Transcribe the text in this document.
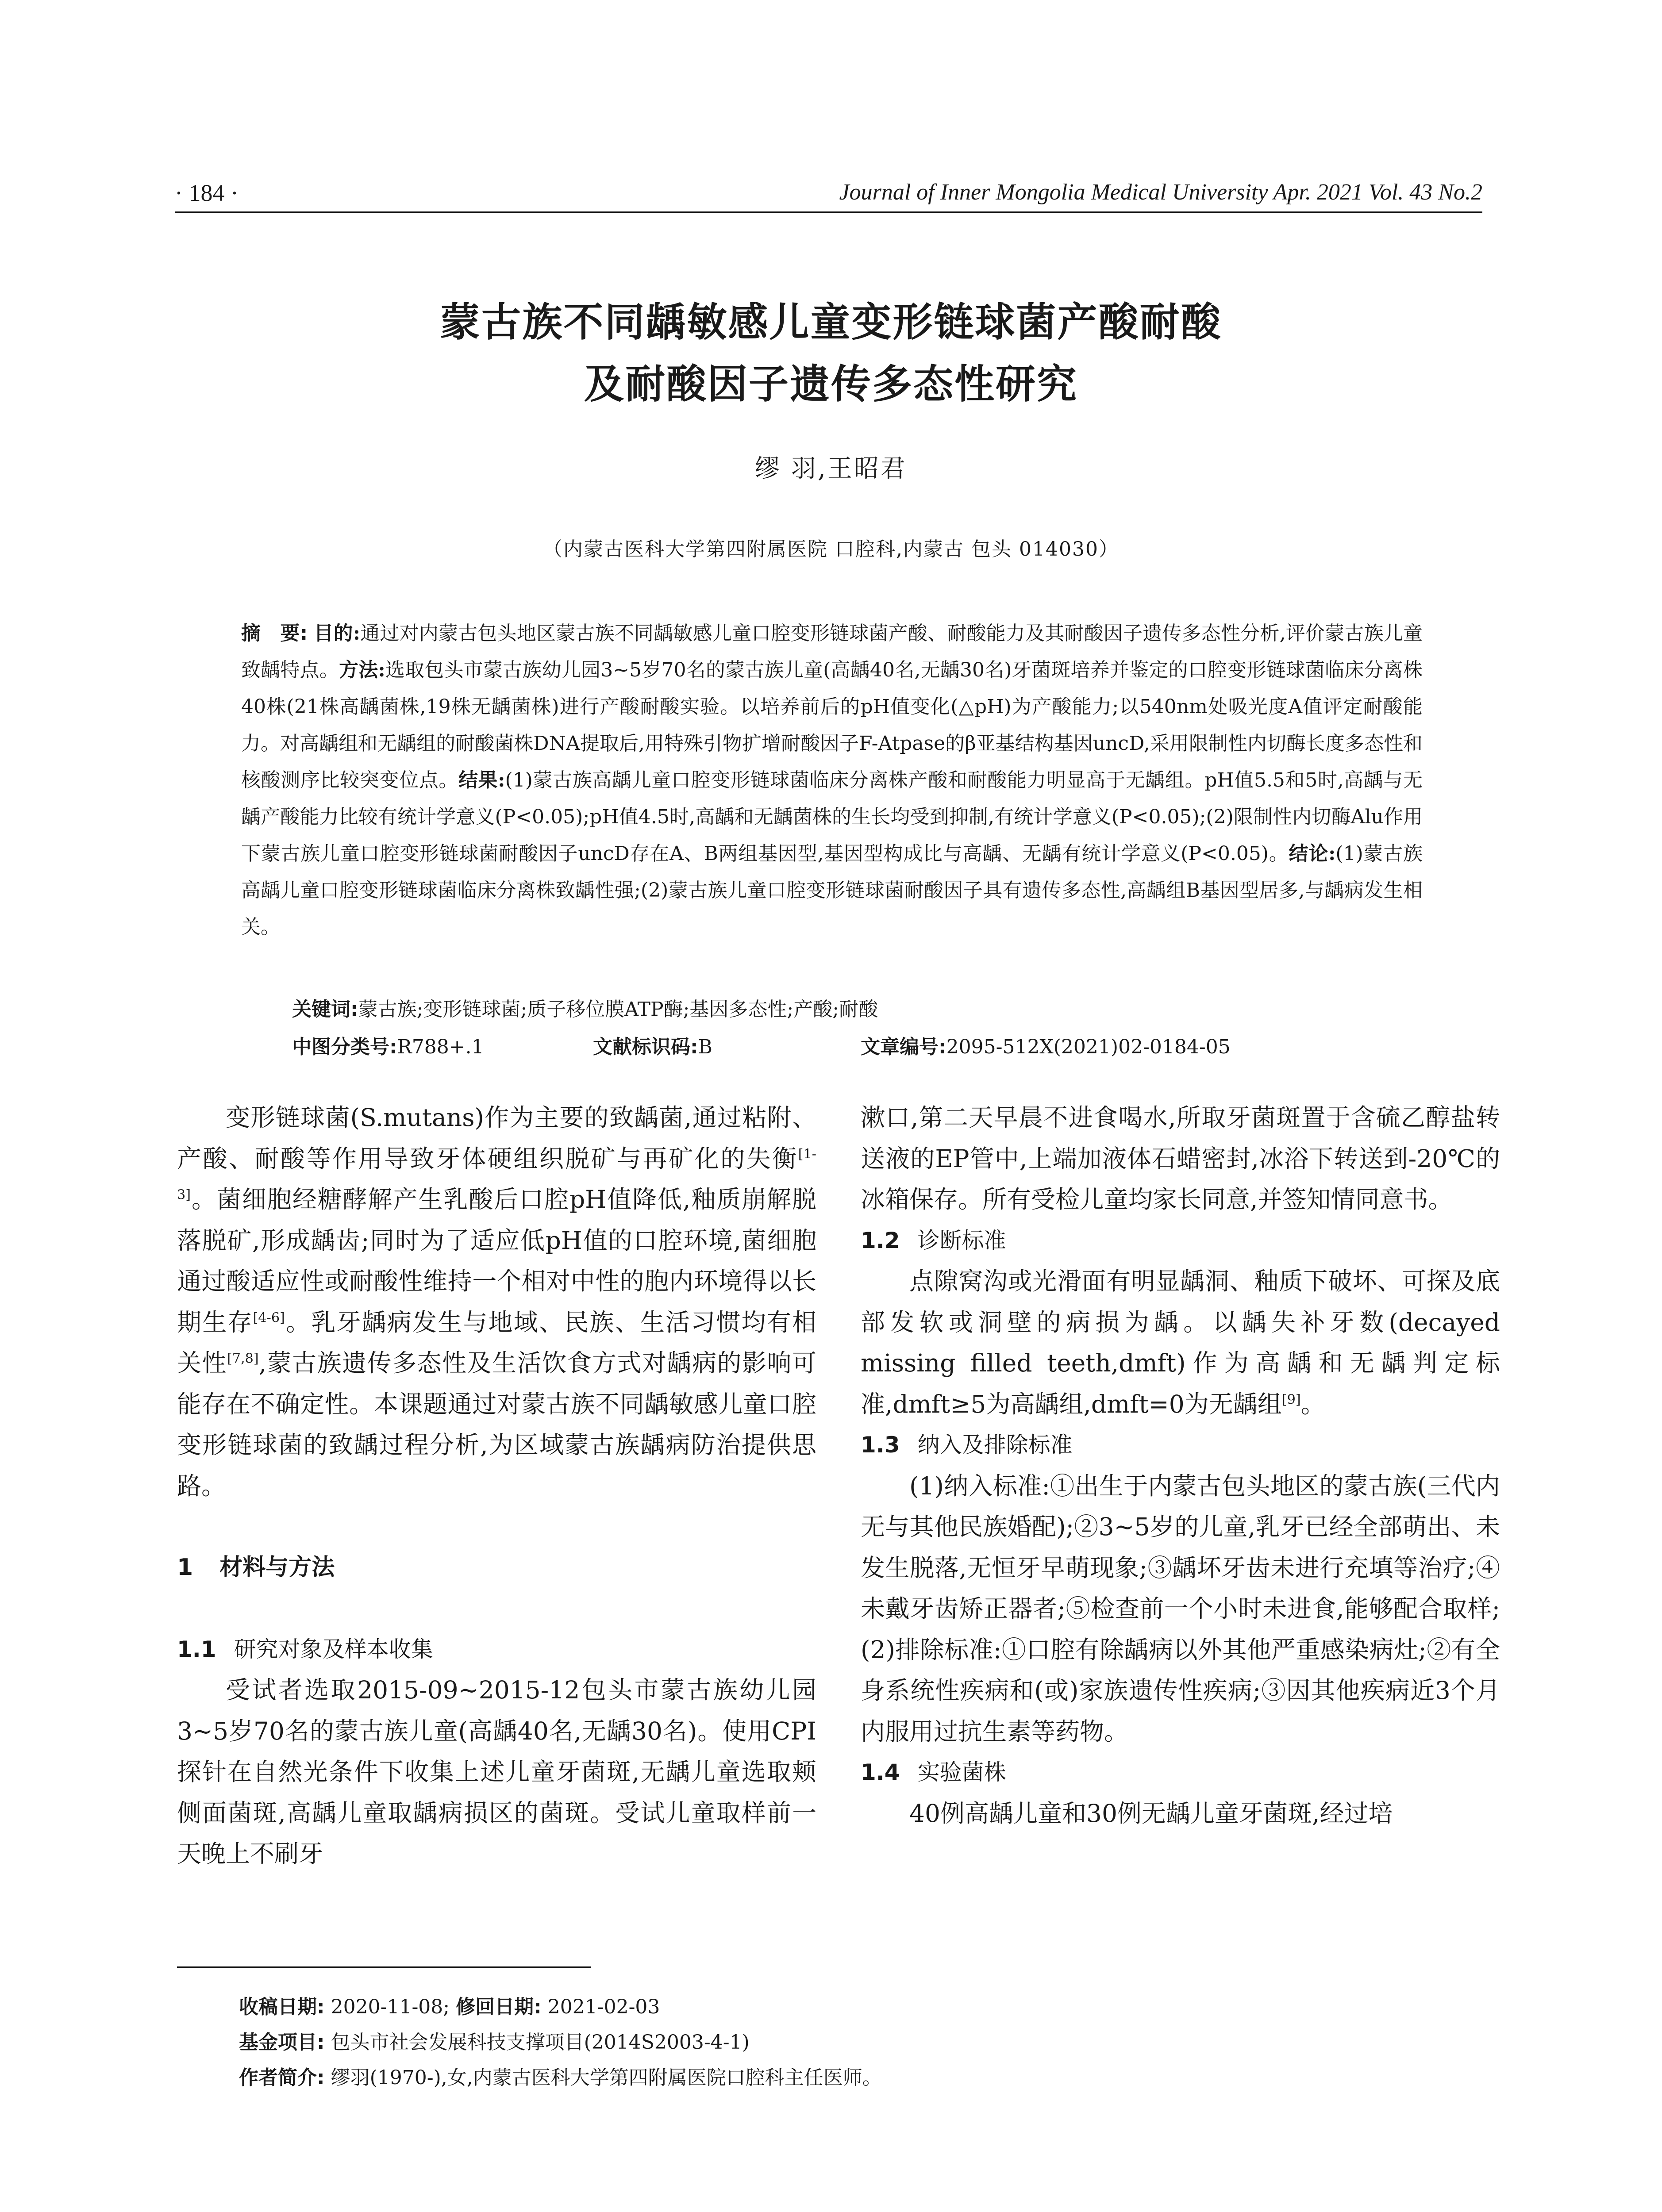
· 184 ·	Journal of Inner Mongolia Medical University Apr. 2021 Vol. 43 No.2
蒙古族不同龋敏感儿童变形链球菌产酸耐酸
及耐酸因子遗传多态性研究
缪 羽,王昭君
（内蒙古医科大学第四附属医院 口腔科,内蒙古 包头 014030）

摘　要: 目的:通过对内蒙古包头地区蒙古族不同龋敏感儿童口腔变形链球菌产酸、耐酸能力及其耐酸因子遗传多态性分析,评价蒙古族儿童致龋特点。方法:选取包头市蒙古族幼儿园3~5岁70名的蒙古族儿童(高龋40名,无龋30名)牙菌斑培养并鉴定的口腔变形链球菌临床分离株40株(21株高龋菌株,19株无龋菌株)进行产酸耐酸实验。以培养前后的pH值变化(△pH)为产酸能力;以540nm处吸光度A值评定耐酸能力。对高龋组和无龋组的耐酸菌株DNA提取后,用特殊引物扩增耐酸因子F-Atpase的β亚基结构基因uncD,采用限制性内切酶长度多态性和核酸测序比较突变位点。结果:(1)蒙古族高龋儿童口腔变形链球菌临床分离株产酸和耐酸能力明显高于无龋组。pH值5.5和5时,高龋与无龋产酸能力比较有统计学意义(P<0.05);pH值4.5时,高龋和无龋菌株的生长均受到抑制,有统计学意义(P<0.05);(2)限制性内切酶Alu作用下蒙古族儿童口腔变形链球菌耐酸因子uncD存在A、B两组基因型,基因型构成比与高龋、无龋有统计学意义(P<0.05)。结论:(1)蒙古族高龋儿童口腔变形链球菌临床分离株致龋性强;(2)蒙古族儿童口腔变形链球菌耐酸因子具有遗传多态性,高龋组B基因型居多,与龋病发生相关。

关键词:蒙古族;变形链球菌;质子移位膜ATP酶;基因多态性;产酸;耐酸
中图分类号:R788+.1	文献标识码:B	文章编号:2095-512X(2021)02-0184-05

变形链球菌(S.mutans)作为主要的致龋菌,通过粘附、产酸、耐酸等作用导致牙体硬组织脱矿与再矿化的失衡[1-3]。菌细胞经糖酵解产生乳酸后口腔pH值降低,釉质崩解脱落脱矿,形成龋齿;同时为了适应低pH值的口腔环境,菌细胞通过酸适应性或耐酸性维持一个相对中性的胞内环境得以长期生存[4-6]。乳牙龋病发生与地域、民族、生活习惯均有相关性[7,8],蒙古族遗传多态性及生活饮食方式对龋病的影响可能存在不确定性。本课题通过对蒙古族不同龋敏感儿童口腔变形链球菌的致龋过程分析,为区域蒙古族龋病防治提供思路。

1 材料与方法
1.1 研究对象及样本收集

受试者选取2015-09~2015-12包头市蒙古族幼儿园3~5岁70名的蒙古族儿童(高龋40名,无龋30名)。使用CPI探针在自然光条件下收集上述儿童牙菌斑,无龋儿童选取颊侧面菌斑,高龋儿童取龋病损区的菌斑。受试儿童取样前一天晚上不刷牙

漱口,第二天早晨不进食喝水,所取牙菌斑置于含硫乙醇盐转送液的EP管中,上端加液体石蜡密封,冰浴下转送到-20℃的冰箱保存。所有受检儿童均家长同意,并签知情同意书。

1.2 诊断标准

点隙窝沟或光滑面有明显龋洞、釉质下破坏、可探及底部发软或洞壁的病损为龋。以龋失补牙数(decayed missing filled teeth,dmft)作为高龋和无龋判定标准,dmft≥5为高龋组,dmft=0为无龋组[9]。

1.3 纳入及排除标准

(1)纳入标准:①出生于内蒙古包头地区的蒙古族(三代内无与其他民族婚配);②3~5岁的儿童,乳牙已经全部萌出、未发生脱落,无恒牙早萌现象;③龋坏牙齿未进行充填等治疗;④未戴牙齿矫正器者;⑤检查前一个小时未进食,能够配合取样;(2)排除标准:①口腔有除龋病以外其他严重感染病灶;②有全身系统性疾病和(或)家族遗传性疾病;③因其他疾病近3个月内服用过抗生素等药物。

1.4 实验菌株

40例高龋儿童和30例无龋儿童牙菌斑,经过培

收稿日期: 2020-11-08; 修回日期: 2021-02-03
基金项目: 包头市社会发展科技支撑项目(2014S2003-4-1)
作者简介: 缪羽(1970-),女,内蒙古医科大学第四附属医院口腔科主任医师。
